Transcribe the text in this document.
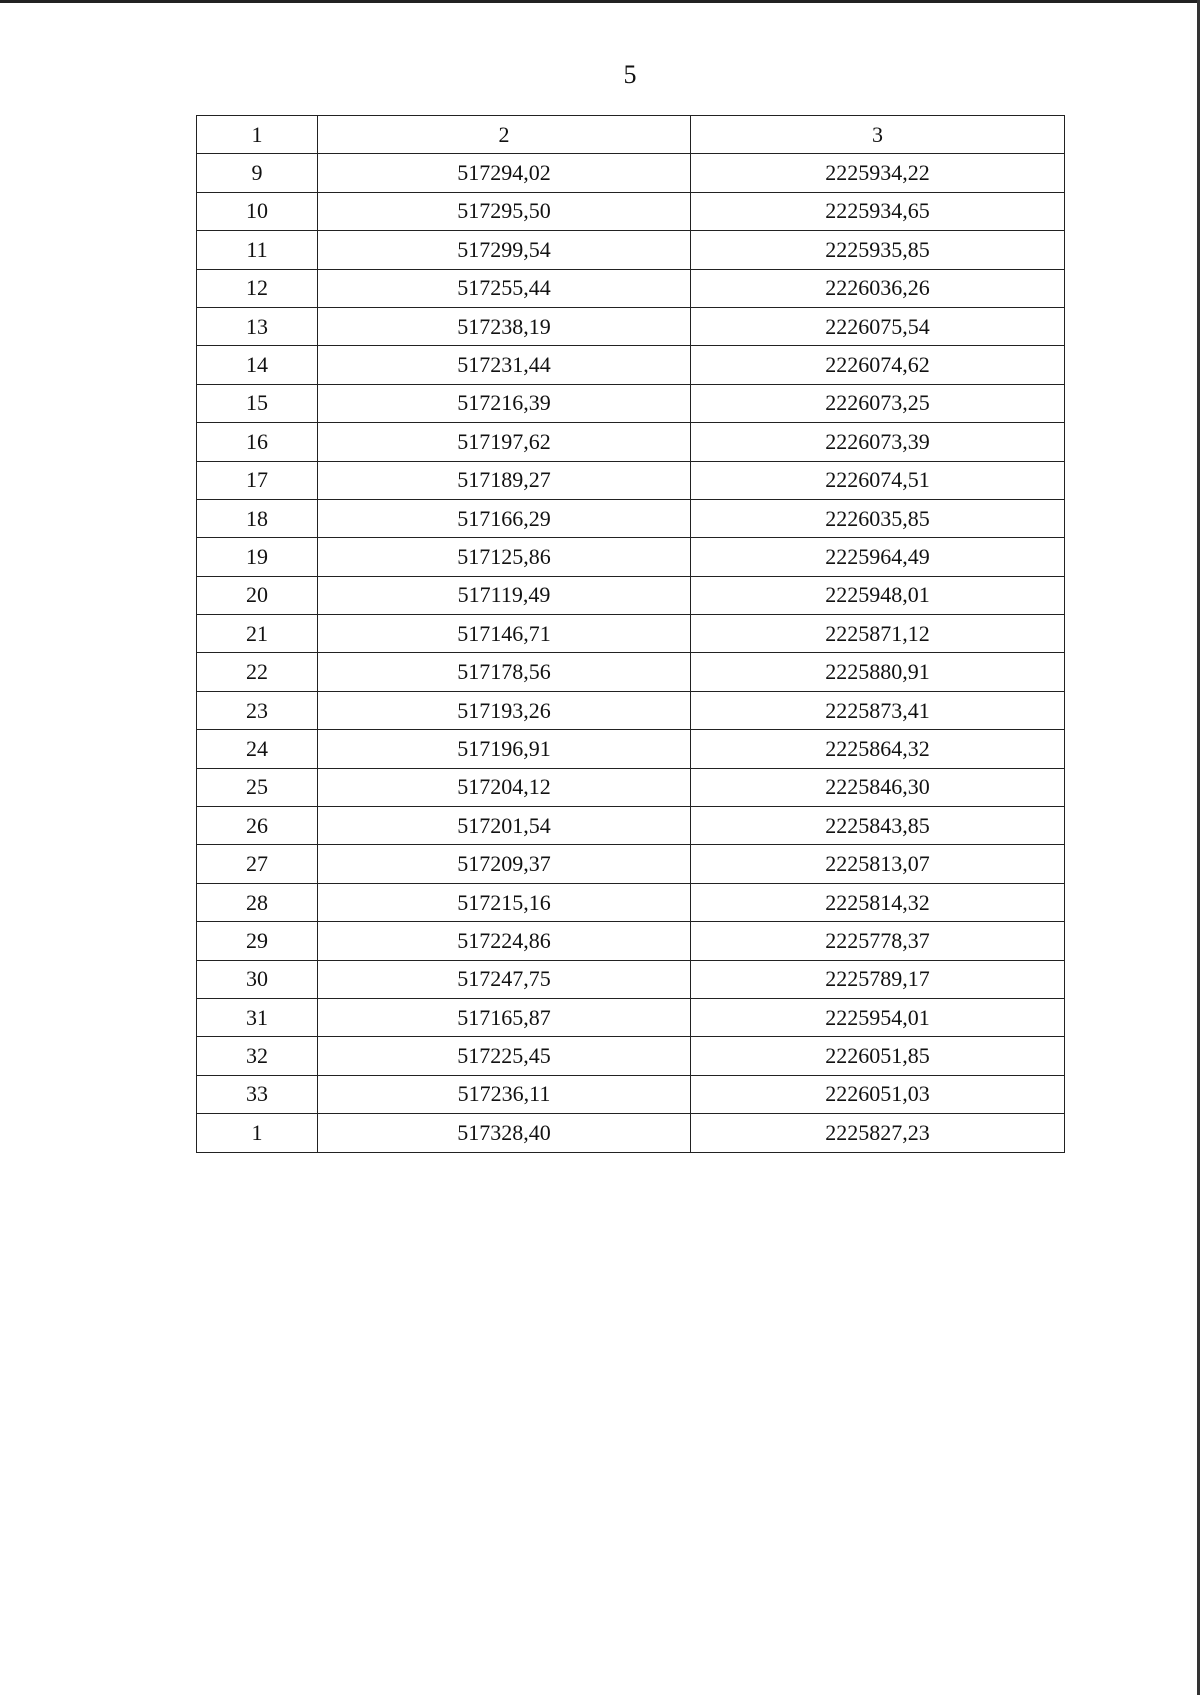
5
1	2	3
9	517294,02	2225934,22
10	517295,50	2225934,65
11	517299,54	2225935,85
12	517255,44	2226036,26
13	517238,19	2226075,54
14	517231,44	2226074,62
15	517216,39	2226073,25
16	517197,62	2226073,39
17	517189,27	2226074,51
18	517166,29	2226035,85
19	517125,86	2225964,49
20	517119,49	2225948,01
21	517146,71	2225871,12
22	517178,56	2225880,91
23	517193,26	2225873,41
24	517196,91	2225864,32
25	517204,12	2225846,30
26	517201,54	2225843,85
27	517209,37	2225813,07
28	517215,16	2225814,32
29	517224,86	2225778,37
30	517247,75	2225789,17
31	517165,87	2225954,01
32	517225,45	2226051,85
33	517236,11	2226051,03
1	517328,40	2225827,23
